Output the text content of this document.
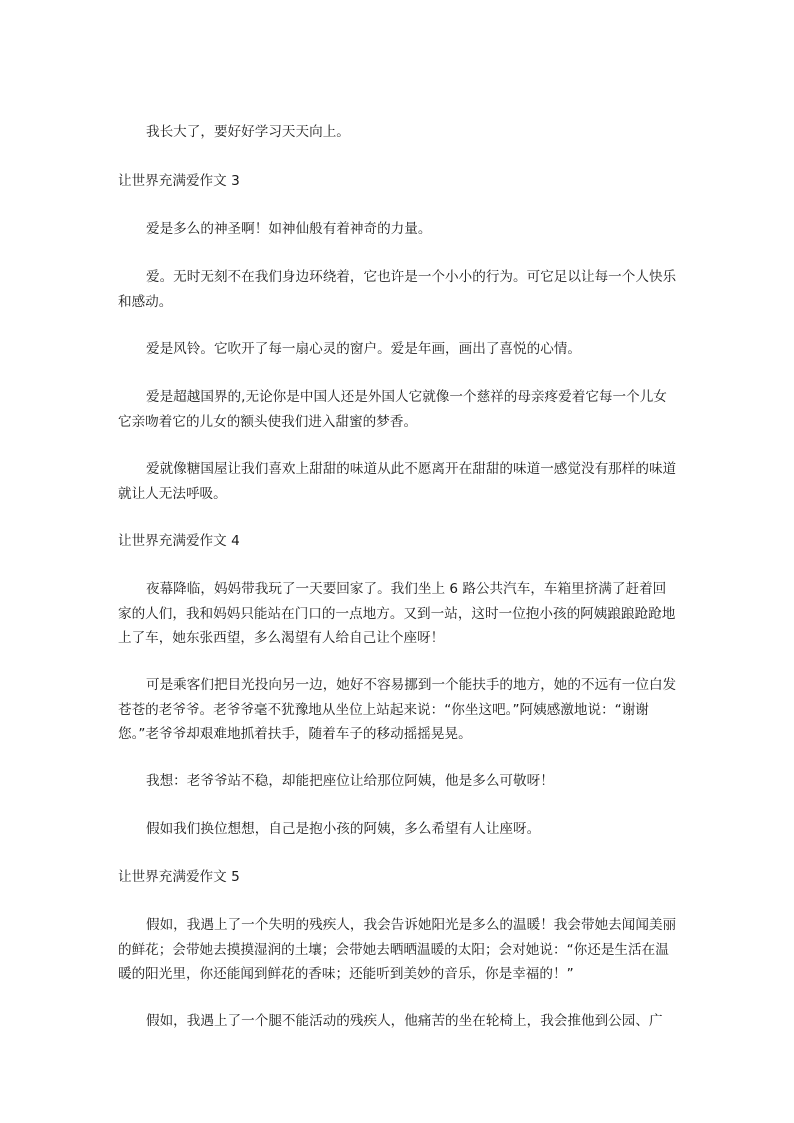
我长大了，要好好学习天天向上。

让世界充满爱作文 3

爱是多么的神圣啊！如神仙般有着神奇的力量。

爱。无时无刻不在我们身边环绕着，它也许是一个小小的行为。可它足以让每一个人快乐和感动。

爱是风铃。它吹开了每一扇心灵的窗户。爱是年画，画出了喜悦的心情。

爱是超越国界的,无论你是中国人还是外国人它就像一个慈祥的母亲疼爱着它每一个儿女它亲吻着它的儿女的额头使我们进入甜蜜的梦香。

爱就像糖国屋让我们喜欢上甜甜的味道从此不愿离开在甜甜的味道一感觉没有那样的味道就让人无法呼吸。

让世界充满爱作文 4

夜幕降临，妈妈带我玩了一天要回家了。我们坐上 6 路公共汽车，车箱里挤满了赶着回家的人们，我和妈妈只能站在门口的一点地方。又到一站，这时一位抱小孩的阿姨踉踉跄跄地上了车，她东张西望，多么渴望有人给自己让个座呀！

可是乘客们把目光投向另一边，她好不容易挪到一个能扶手的地方，她的不远有一位白发苍苍的老爷爷。老爷爷毫不犹豫地从坐位上站起来说：“你坐这吧。”阿姨感激地说：“谢谢您。”老爷爷却艰难地抓着扶手，随着车子的移动摇摇晃晃。

我想：老爷爷站不稳，却能把座位让给那位阿姨，他是多么可敬呀！

假如我们换位想想，自己是抱小孩的阿姨，多么希望有人让座呀。

让世界充满爱作文 5

假如，我遇上了一个失明的残疾人，我会告诉她阳光是多么的温暖！我会带她去闻闻美丽的鲜花；会带她去摸摸湿润的土壤；会带她去晒晒温暖的太阳；会对她说：“你还是生活在温暖的阳光里，你还能闻到鲜花的香味；还能听到美妙的音乐，你是幸福的！”

假如，我遇上了一个腿不能活动的残疾人，他痛苦的坐在轮椅上，我会推他到公园、广
